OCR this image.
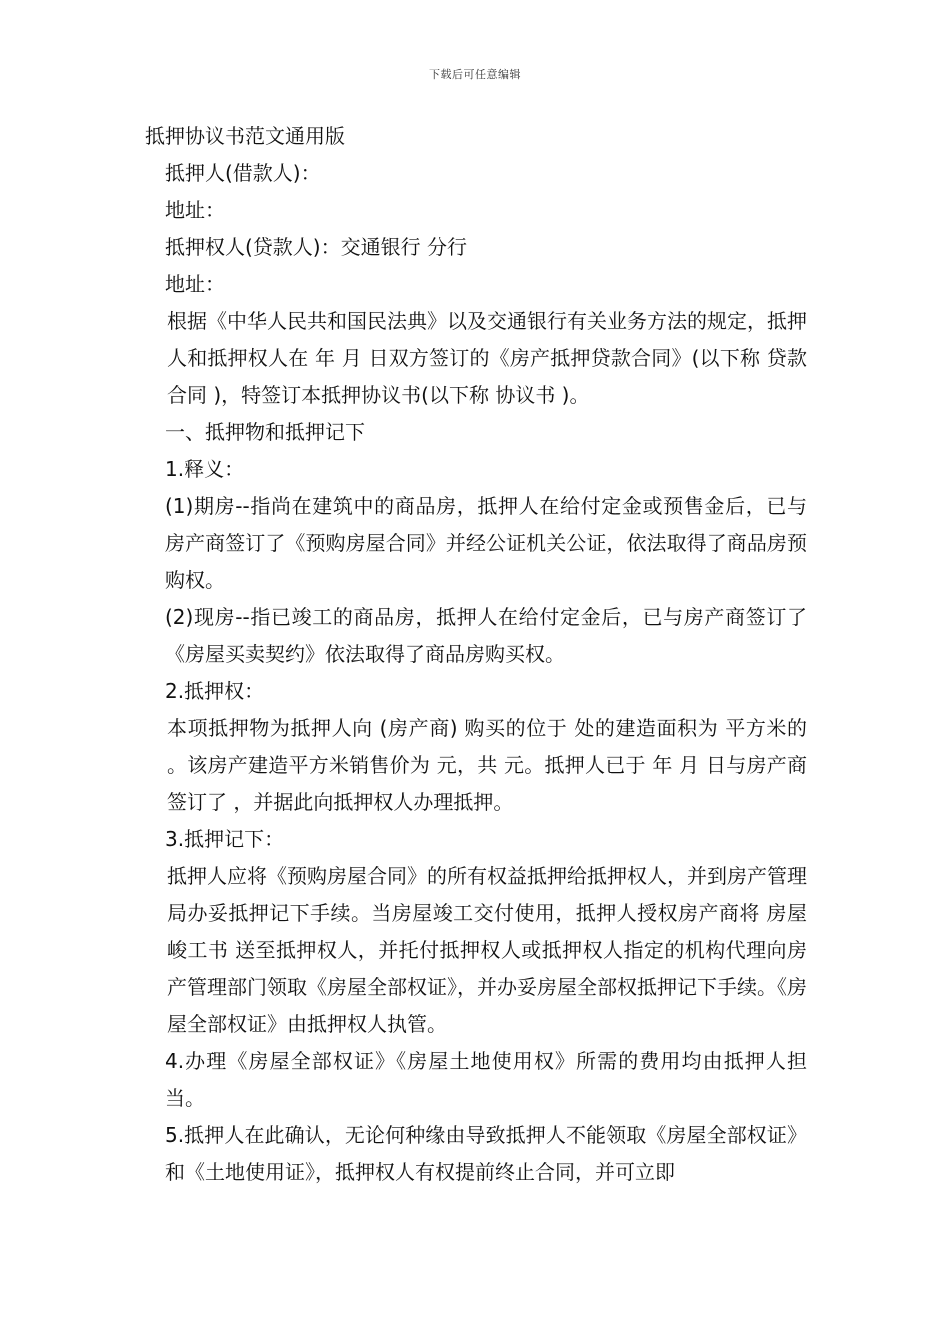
下载后可任意编辑
抵押协议书范文通用版
抵押人(借款人)：
地址：
抵押权人(贷款人)：交通银行 分行
地址：
根据《中华人民共和国民法典》以及交通银行有关业务方法的规定，抵押人和抵押权人在 年 月 日双方签订的《房产抵押贷款合同》(以下称 贷款合同 )，特签订本抵押协议书(以下称 协议书 )。
一、抵押物和抵押记下
1.释义：
(1)期房--指尚在建筑中的商品房，抵押人在给付定金或预售金后，已与房产商签订了《预购房屋合同》并经公证机关公证，依法取得了商品房预购权。
(2)现房--指已竣工的商品房，抵押人在给付定金后，已与房产商签订了《房屋买卖契约》依法取得了商品房购买权。
2.抵押权：
本项抵押物为抵押人向 (房产商) 购买的位于 处的建造面积为 平方米的 。该房产建造平方米销售价为 元，共 元。抵押人已于 年 月 日与房产商签订了 ，并据此向抵押权人办理抵押。
3.抵押记下：
抵押人应将《预购房屋合同》的所有权益抵押给抵押权人，并到房产管理局办妥抵押记下手续。当房屋竣工交付使用，抵押人授权房产商将 房屋峻工书 送至抵押权人，并托付抵押权人或抵押权人指定的机构代理向房产管理部门领取《房屋全部权证》，并办妥房屋全部权抵押记下手续。《房屋全部权证》由抵押权人执管。
4.办理《房屋全部权证》《房屋土地使用权》所需的费用均由抵押人担当。
5.抵押人在此确认，无论何种缘由导致抵押人不能领取《房屋全部权证》和《土地使用证》，抵押权人有权提前终止合同，并可立即
